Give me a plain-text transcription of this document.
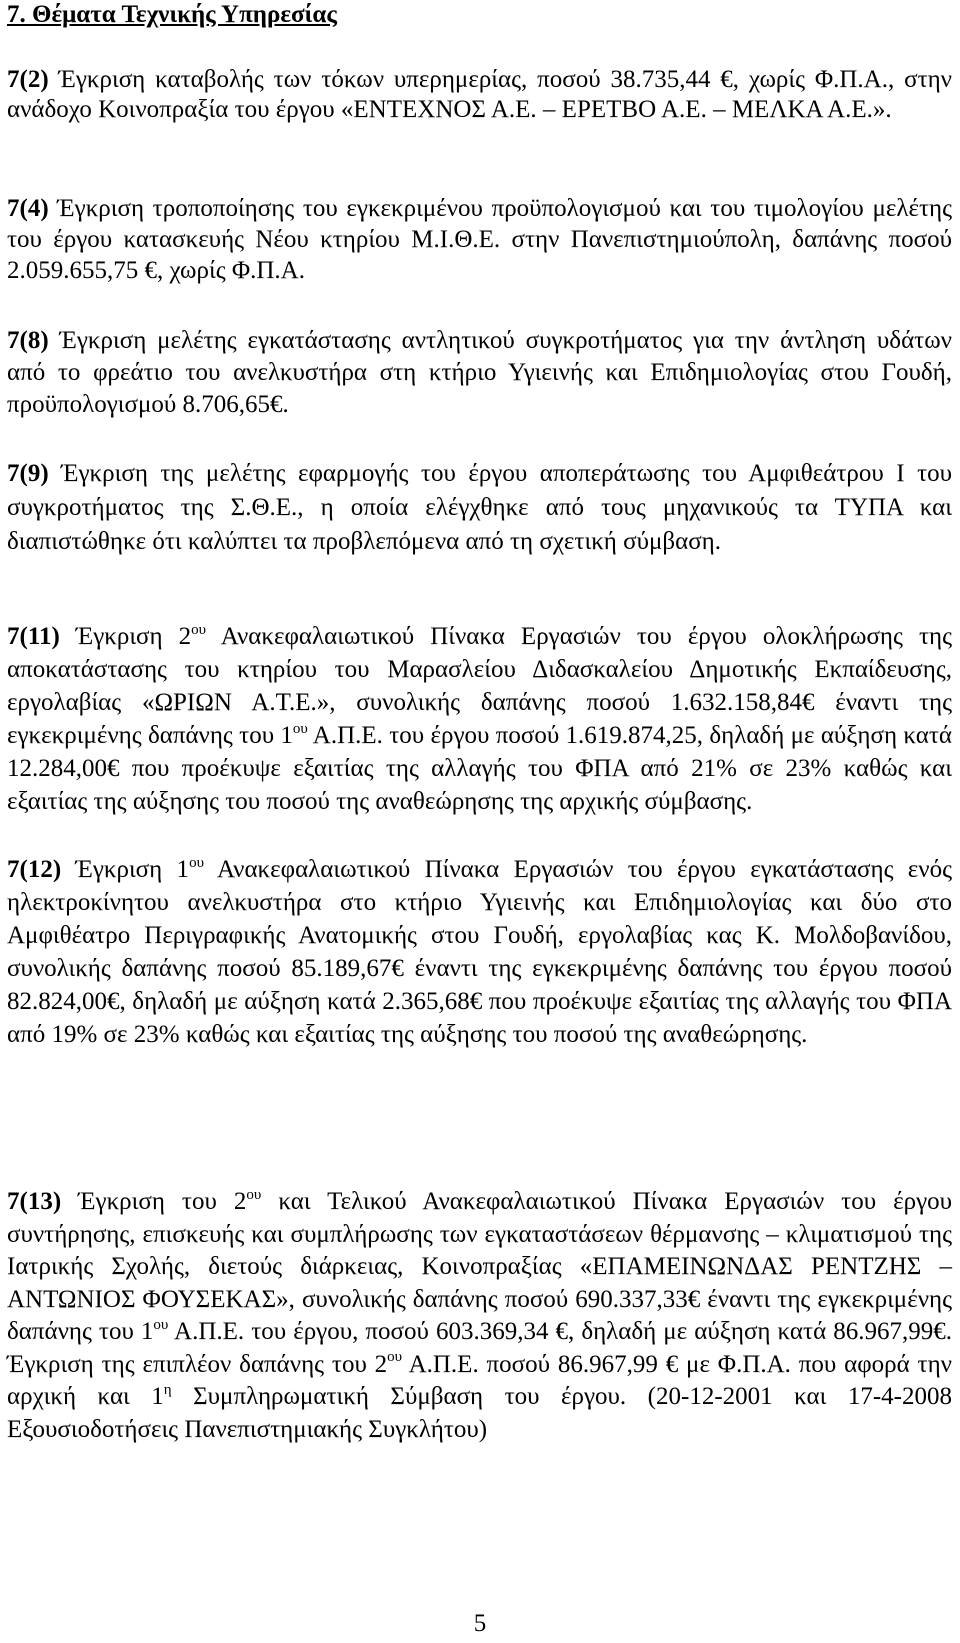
7. Θέματα Τεχνικής Υπηρεσίας

7(2) Έγκριση καταβολής των τόκων υπερημερίας, ποσού 38.735,44 €, χωρίς Φ.Π.Α., στην ανάδοχο Κοινοπραξία του έργου «ΕΝΤΕΧΝΟΣ Α.Ε. – ΕΡΕΤΒΟ Α.Ε. – ΜΕΛΚΑ Α.Ε.».

7(4) Έγκριση τροποποίησης του εγκεκριμένου προϋπολογισμού και του τιμολογίου μελέτης του έργου κατασκευής Νέου κτηρίου Μ.Ι.Θ.Ε. στην Πανεπιστημιούπολη, δαπάνης ποσού 2.059.655,75 €, χωρίς Φ.Π.Α.

7(8) Έγκριση μελέτης εγκατάστασης αντλητικού συγκροτήματος για την άντληση υδάτων από το φρεάτιο του ανελκυστήρα στη κτήριο Υγιεινής και Επιδημιολογίας στου Γουδή, προϋπολογισμού 8.706,65€.

7(9) Έγκριση της μελέτης εφαρμογής του έργου αποπεράτωσης του Αμφιθεάτρου Ι του συγκροτήματος της Σ.Θ.Ε., η οποία ελέγχθηκε από τους μηχανικούς τα ΤΥΠΑ και διαπιστώθηκε ότι καλύπτει τα προβλεπόμενα από τη σχετική σύμβαση.

7(11) Έγκριση $2^{o\upsilon}$ Ανακεφαλαιωτικού Πίνακα Εργασιών του έργου ολοκλήρωσης της αποκατάστασης του κτηρίου του Μαρασλείου Διδασκαλείου Δημοτικής Εκπαίδευσης, εργολαβίας «ΩΡΙΩΝ Α.Τ.Ε.», συνολικής δαπάνης ποσού 1.632.158,84€ έναντι της εγκεκριμένης δαπάνης του $1^{o\upsilon}$ Α.Π.Ε. του έργου ποσού 1.619.874,25, δηλαδή με αύξηση κατά 12.284,00€ που προέκυψε εξαιτίας της αλλαγής του ΦΠΑ από 21% σε 23% καθώς και εξαιτίας της αύξησης του ποσού της αναθεώρησης της αρχικής σύμβασης.

7(12) Έγκριση $1^{o\upsilon}$ Ανακεφαλαιωτικού Πίνακα Εργασιών του έργου εγκατάστασης ενός ηλεκτροκίνητου ανελκυστήρα στο κτήριο Υγιεινής και Επιδημιολογίας και δύο στο Αμφιθέατρο Περιγραφικής Ανατομικής στου Γουδή, εργολαβίας κας Κ. Μολδοβανίδου, συνολικής δαπάνης ποσού 85.189,67€ έναντι της εγκεκριμένης δαπάνης του έργου ποσού 82.824,00€, δηλαδή με αύξηση κατά 2.365,68€ που προέκυψε εξαιτίας της αλλαγής του ΦΠΑ από 19% σε 23% καθώς και εξαιτίας της αύξησης του ποσού της αναθεώρησης.

7(13) Έγκριση του $2^{o\upsilon}$ και Τελικού Ανακεφαλαιωτικού Πίνακα Εργασιών του έργου συντήρησης, επισκευής και συμπλήρωσης των εγκαταστάσεων θέρμανσης – κλιματισμού της Ιατρικής Σχολής, διετούς διάρκειας, Κοινοπραξίας «ΕΠΑΜΕΙΝΩΝΔΑΣ ΡΕΝΤΖΗΣ – ΑΝΤΩΝΙΟΣ ΦΟΥΣΕΚΑΣ», συνολικής δαπάνης ποσού 690.337,33€ έναντι της εγκεκριμένης δαπάνης του $1^{o\upsilon}$ Α.Π.Ε. του έργου, ποσού 603.369,34 €, δηλαδή με αύξηση κατά 86.967,99€. Έγκριση της επιπλέον δαπάνης του $2^{o\upsilon}$ Α.Π.Ε. ποσού 86.967,99 € με Φ.Π.Α. που αφορά την αρχική και $1^\eta$ Συμπληρωματική Σύμβαση του έργου. (20-12-2001 και 17-4-2008 Εξουσιοδοτήσεις Πανεπιστημιακής Συγκλήτου)

5
